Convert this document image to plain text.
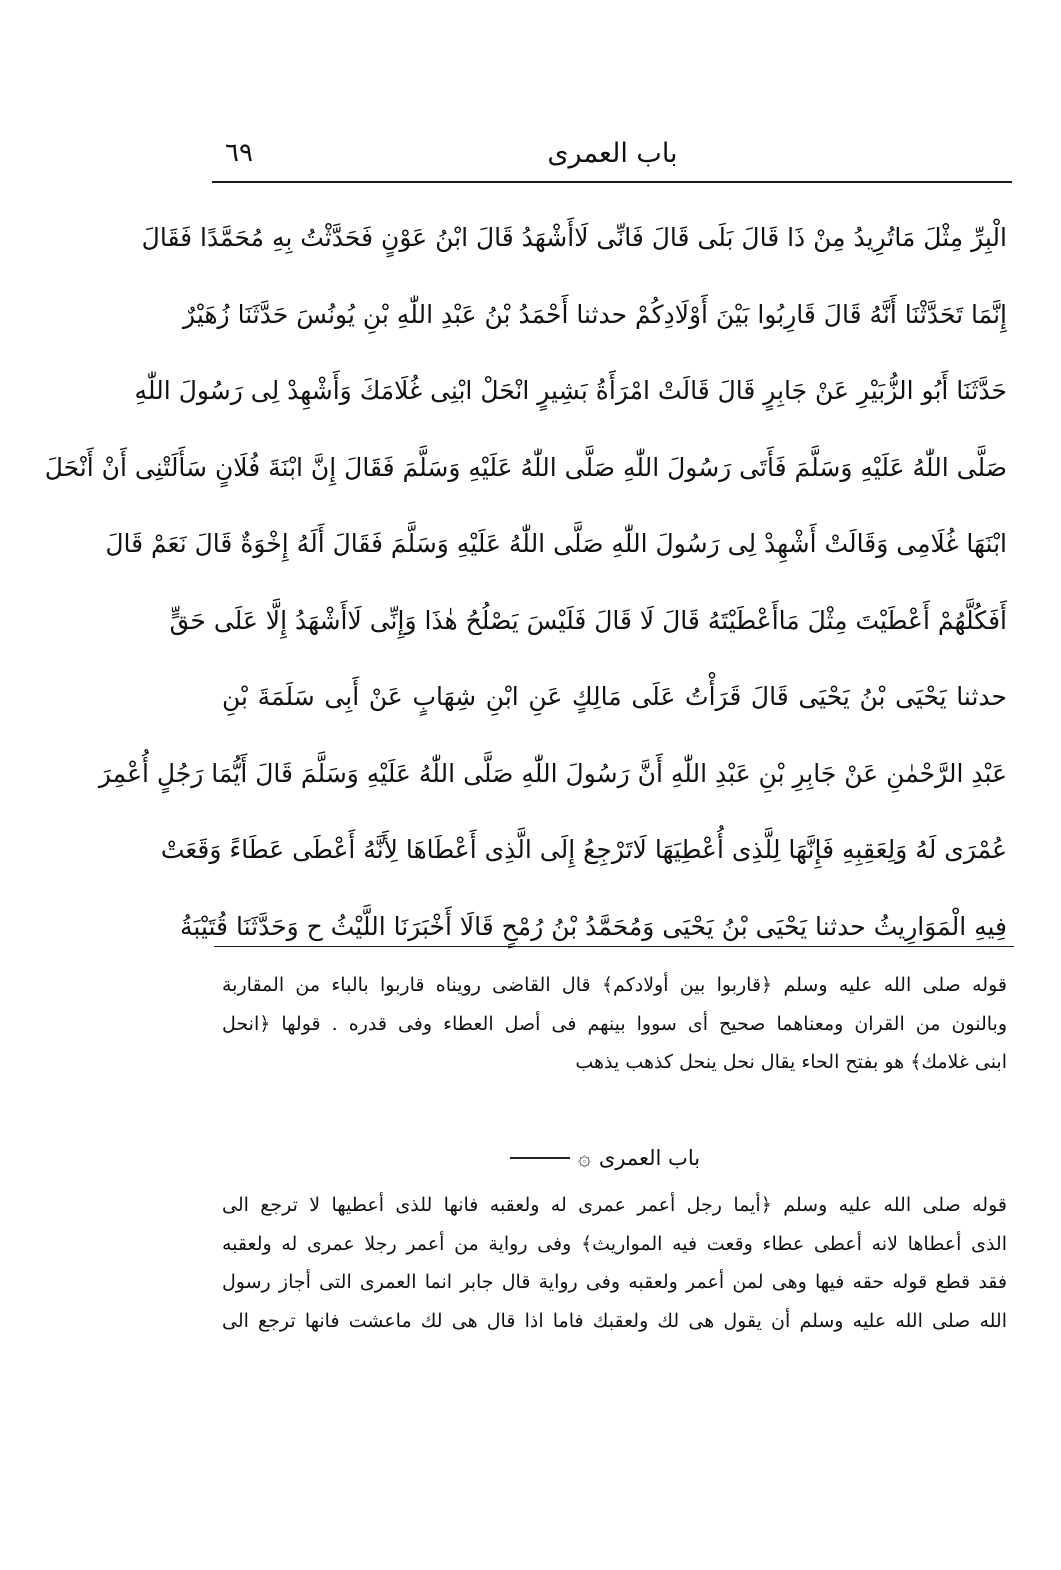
٦٩	باب العمرى
الْبِرِّ مِثْلَ مَاتُرِيدُ مِنْ ذَا قَالَ بَلَى قَالَ فَانِّى لَاأَشْهَدُ قَالَ ابْنُ عَوْنٍ فَحَدَّثْتُ بِهِ مُحَمَّدًا فَقَالَ
إِنَّمَا تَحَدَّثْنَا أَنَّهُ قَالَ قَارِبُوا بَيْنَ أَوْلَادِكُمْ حدثنا أَحْمَدُ بْنُ عَبْدِ اللّٰهِ بْنِ يُونُسَ حَدَّثَنَا زُهَيْرٌ
حَدَّثَنَا أَبُو الزُّبَيْرِ عَنْ جَابِرٍ قَالَ قَالَتْ امْرَأَةُ بَشِيرٍ انْحَلْ ابْنِى غُلَامَكَ وَأَشْهِدْ لِى رَسُولَ اللّٰهِ
صَلَّى اللّٰهُ عَلَيْهِ وَسَلَّمَ فَأَتَى رَسُولَ اللّٰهِ صَلَّى اللّٰهُ عَلَيْهِ وَسَلَّمَ فَقَالَ إِنَّ ابْنَةَ فُلَانٍ سَأَلَتْنِى أَنْ أَنْحَلَ
ابْنَهَا غُلَامِى وَقَالَتْ أَشْهِدْ لِى رَسُولَ اللّٰهِ صَلَّى اللّٰهُ عَلَيْهِ وَسَلَّمَ فَقَالَ أَلَهُ إِخْوَةٌ قَالَ نَعَمْ قَالَ
أَفَكُلَّهُمْ أَعْطَيْتَ مِثْلَ مَاأَعْطَيْتَهُ قَالَ لَا قَالَ فَلَيْسَ يَصْلُحُ هٰذَا وَإِنِّى لَاأَشْهَدُ إِلَّا عَلَى حَقٍّ
حدثنا يَحْيَى بْنُ يَحْيَى قَالَ قَرَأْتُ عَلَى مَالِكٍ عَنِ ابْنِ شِهَابٍ عَنْ أَبِى سَلَمَةَ بْنِ
عَبْدِ الرَّحْمٰنِ عَنْ جَابِرِ بْنِ عَبْدِ اللّٰهِ أَنَّ رَسُولَ اللّٰهِ صَلَّى اللّٰهُ عَلَيْهِ وَسَلَّمَ قَالَ أَيُّمَا رَجُلٍ أُعْمِرَ
عُمْرَى لَهُ وَلِعَقِبِهِ فَإِنَّهَا لِلَّذِى أُعْطِيَهَا لَاتَرْجِعُ إِلَى الَّذِى أَعْطَاهَا لِأَنَّهُ أَعْطَى عَطَاءً وَقَعَتْ
فِيهِ الْمَوَارِيثُ حدثنا يَحْيَى بْنُ يَحْيَى وَمُحَمَّدُ بْنُ رُمْحٍ قَالَا أَخْبَرَنَا اللَّيْثُ ح وَحَدَّثَنَا قُتَيْبَةُ
قوله صلى الله عليه وسلم ﴿قاربوا بين أولادكم﴾ قال القاضى رويناه قاربوا بالباء من المقاربة
وبالنون من القران ومعناهما صحيح أى سووا بينهم فى أصل العطاء وفى قدره . قولها ﴿انحل
ابنى غلامك﴾ هو بفتح الحاء يقال نحل ينحل كذهب يذهب
باب العمرى
۞
قوله صلى الله عليه وسلم ﴿أيما رجل أعمر عمرى له ولعقبه فانها للذى أعطيها لا ترجع الى
الذى أعطاها لانه أعطى عطاء وقعت فيه المواريث﴾ وفى رواية من أعمر رجلا عمرى له ولعقبه
فقد قطع قوله حقه فيها وهى لمن أعمر ولعقبه وفى رواية قال جابر انما العمرى التى أجاز رسول
الله صلى الله عليه وسلم أن يقول هى لك ولعقبك فاما اذا قال هى لك ماعشت فانها ترجع الى
